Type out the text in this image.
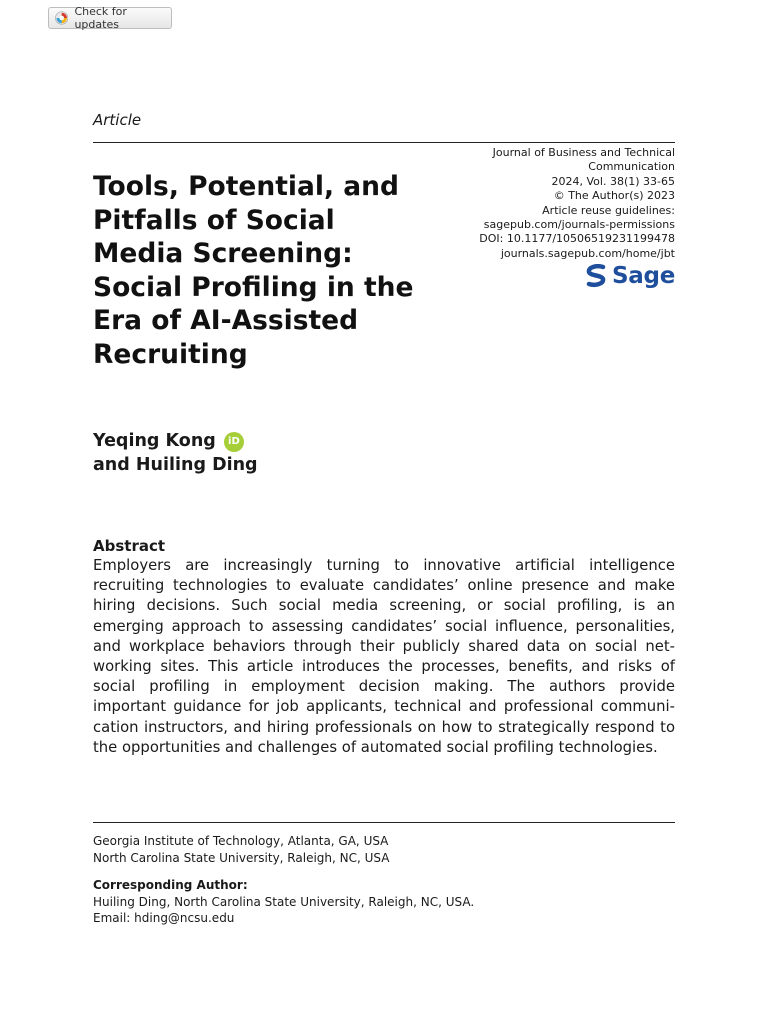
Check for updates
Article
Tools, Potential, and
Pitfalls of Social
Media Screening:
Social Profiling in the
Era of AI-Assisted
Recruiting
Journal of Business and Technical
Communication
2024, Vol. 38(1) 33-65
© The Author(s) 2023
Article reuse guidelines:
sagepub.com/journals-permissions
DOI: 10.1177/10506519231199478
journals.sagepub.com/home/jbt
Sage
Yeqing Kong iD
and Huiling Ding
Abstract

Employers are increasingly turning to innovative artificial intelligence recruiting technologies to evaluate candidates’ online presence and make hiring decisions. Such social media screening, or social profiling, is an emerging approach to assessing candidates’ social influence, personalities, and workplace behaviors through their publicly shared data on social net-working sites. This article introduces the processes, benefits, and risks of social profiling in employment decision making. The authors provide important guidance for job applicants, technical and professional communi-cation instructors, and hiring professionals on how to strategically respond to the opportunities and challenges of automated social profiling technologies.

Georgia Institute of Technology, Atlanta, GA, USA
North Carolina State University, Raleigh, NC, USA
Corresponding Author:
Huiling Ding, North Carolina State University, Raleigh, NC, USA.
Email: hding@ncsu.edu
